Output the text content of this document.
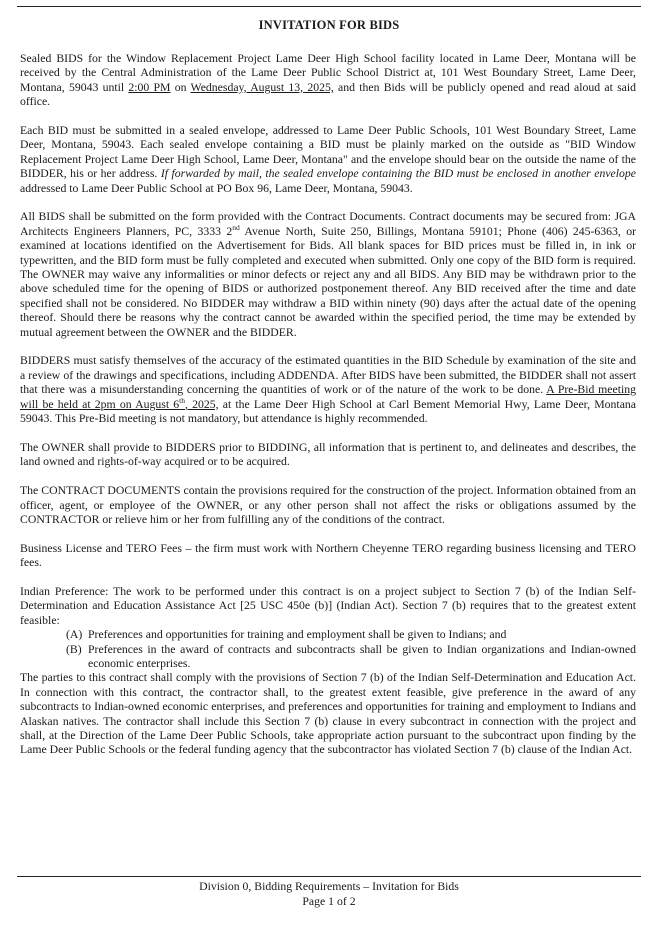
INVITATION FOR BIDS

Sealed BIDS for the Window Replacement Project Lame Deer High School facility located in Lame Deer, Montana will be received by the Central Administration of the Lame Deer Public School District at, 101 West Boundary Street, Lame Deer, Montana, 59043 until 2:00 PM on Wednesday, August 13, 2025, and then Bids will be publicly opened and read aloud at said office.

Each BID must be submitted in a sealed envelope, addressed to Lame Deer Public Schools, 101 West Boundary Street, Lame Deer, Montana, 59043. Each sealed envelope containing a BID must be plainly marked on the outside as "BID Window Replacement Project Lame Deer High School, Lame Deer, Montana" and the envelope should bear on the outside the name of the BIDDER, his or her address. If forwarded by mail, the sealed envelope containing the BID must be enclosed in another envelope addressed to Lame Deer Public School at PO Box 96, Lame Deer, Montana, 59043.

All BIDS shall be submitted on the form provided with the Contract Documents. Contract documents may be secured from: JGA Architects Engineers Planners, PC, 3333 2nd Avenue North, Suite 250, Billings, Montana 59101; Phone (406) 245-6363, or examined at locations identified on the Advertisement for Bids. All blank spaces for BID prices must be filled in, in ink or typewritten, and the BID form must be fully completed and executed when submitted. Only one copy of the BID form is required. The OWNER may waive any informalities or minor defects or reject any and all BIDS. Any BID may be withdrawn prior to the above scheduled time for the opening of BIDS or authorized postponement thereof. Any BID received after the time and date specified shall not be considered. No BIDDER may withdraw a BID within ninety (90) days after the actual date of the opening thereof. Should there be reasons why the contract cannot be awarded within the specified period, the time may be extended by mutual agreement between the OWNER and the BIDDER.

BIDDERS must satisfy themselves of the accuracy of the estimated quantities in the BID Schedule by examination of the site and a review of the drawings and specifications, including ADDENDA. After BIDS have been submitted, the BIDDER shall not assert that there was a misunderstanding concerning the quantities of work or of the nature of the work to be done. A Pre-Bid meeting will be held at 2pm on August 6th, 2025, at the Lame Deer High School at Carl Bement Memorial Hwy, Lame Deer, Montana 59043. This Pre-Bid meeting is not mandatory, but attendance is highly recommended.

The OWNER shall provide to BIDDERS prior to BIDDING, all information that is pertinent to, and delineates and describes, the land owned and rights-of-way acquired or to be acquired.

The CONTRACT DOCUMENTS contain the provisions required for the construction of the project. Information obtained from an officer, agent, or employee of the OWNER, or any other person shall not affect the risks or obligations assumed by the CONTRACTOR or relieve him or her from fulfilling any of the conditions of the contract.

Business License and TERO Fees – the firm must work with Northern Cheyenne TERO regarding business licensing and TERO fees.

Indian Preference: The work to be performed under this contract is on a project subject to Section 7 (b) of the Indian Self-Determination and Education Assistance Act [25 USC 450e (b)] (Indian Act). Section 7 (b) requires that to the greatest extent feasible:

(A) Preferences and opportunities for training and employment shall be given to Indians; and
(B) Preferences in the award of contracts and subcontracts shall be given to Indian organizations and Indian-owned economic enterprises.

The parties to this contract shall comply with the provisions of Section 7 (b) of the Indian Self-Determination and Education Act. In connection with this contract, the contractor shall, to the greatest extent feasible, give preference in the award of any subcontracts to Indian-owned economic enterprises, and preferences and opportunities for training and employment to Indians and Alaskan natives. The contractor shall include this Section 7 (b) clause in every subcontract in connection with the project and shall, at the Direction of the Lame Deer Public Schools, take appropriate action pursuant to the subcontract upon finding by the Lame Deer Public Schools or the federal funding agency that the subcontractor has violated Section 7 (b) clause of the Indian Act.

Division 0, Bidding Requirements – Invitation for Bids
Page 1 of 2
